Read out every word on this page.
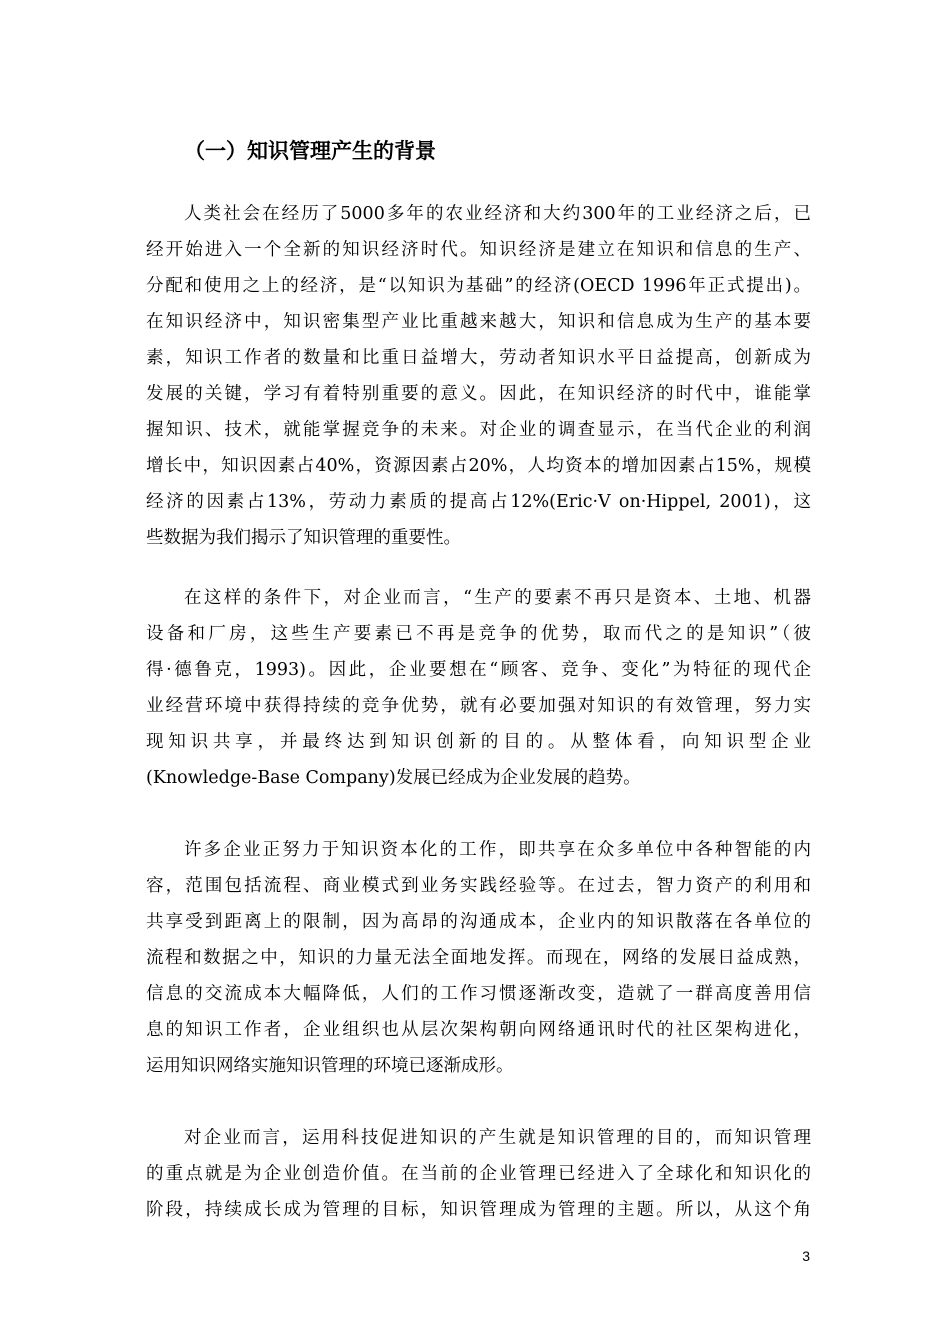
（一）知识管理产生的背景
人类社会在经历了5000多年的农业经济和大约300年的工业经济之后，已
经开始进入一个全新的知识经济时代。知识经济是建立在知识和信息的生产、
分配和使用之上的经济，是“以知识为基础”的经济(OECD 1996年正式提出)。
在知识经济中，知识密集型产业比重越来越大，知识和信息成为生产的基本要
素，知识工作者的数量和比重日益增大，劳动者知识水平日益提高，创新成为
发展的关键，学习有着特别重要的意义。因此，在知识经济的时代中，谁能掌
握知识、技术，就能掌握竞争的未来。对企业的调查显示，在当代企业的利润
增长中，知识因素占40%，资源因素占20%，人均资本的增加因素占15%，规模
经济的因素占13%，劳动力素质的提高占12%(Eric·V on·Hippel, 2001)，这
些数据为我们揭示了知识管理的重要性。
在这样的条件下，对企业而言，“生产的要素不再只是资本、土地、机器
设备和厂房，这些生产要素已不再是竞争的优势，取而代之的是知识”（彼
得·德鲁克，1993)。因此，企业要想在“顾客、竞争、变化”为特征的现代企
业经营环境中获得持续的竞争优势，就有必要加强对知识的有效管理，努力实
现知识共享，并最终达到知识创新的目的。从整体看，向知识型企业
(Knowledge-Base Company)发展已经成为企业发展的趋势。
许多企业正努力于知识资本化的工作，即共享在众多单位中各种智能的内
容，范围包括流程、商业模式到业务实践经验等。在过去，智力资产的利用和
共享受到距离上的限制，因为高昂的沟通成本，企业内的知识散落在各单位的
流程和数据之中，知识的力量无法全面地发挥。而现在，网络的发展日益成熟，
信息的交流成本大幅降低，人们的工作习惯逐渐改变，造就了一群高度善用信
息的知识工作者，企业组织也从层次架构朝向网络通讯时代的社区架构进化，
运用知识网络实施知识管理的环境已逐渐成形。
对企业而言，运用科技促进知识的产生就是知识管理的目的，而知识管理
的重点就是为企业创造价值。在当前的企业管理已经进入了全球化和知识化的
阶段，持续成长成为管理的目标，知识管理成为管理的主题。所以，从这个角
3
